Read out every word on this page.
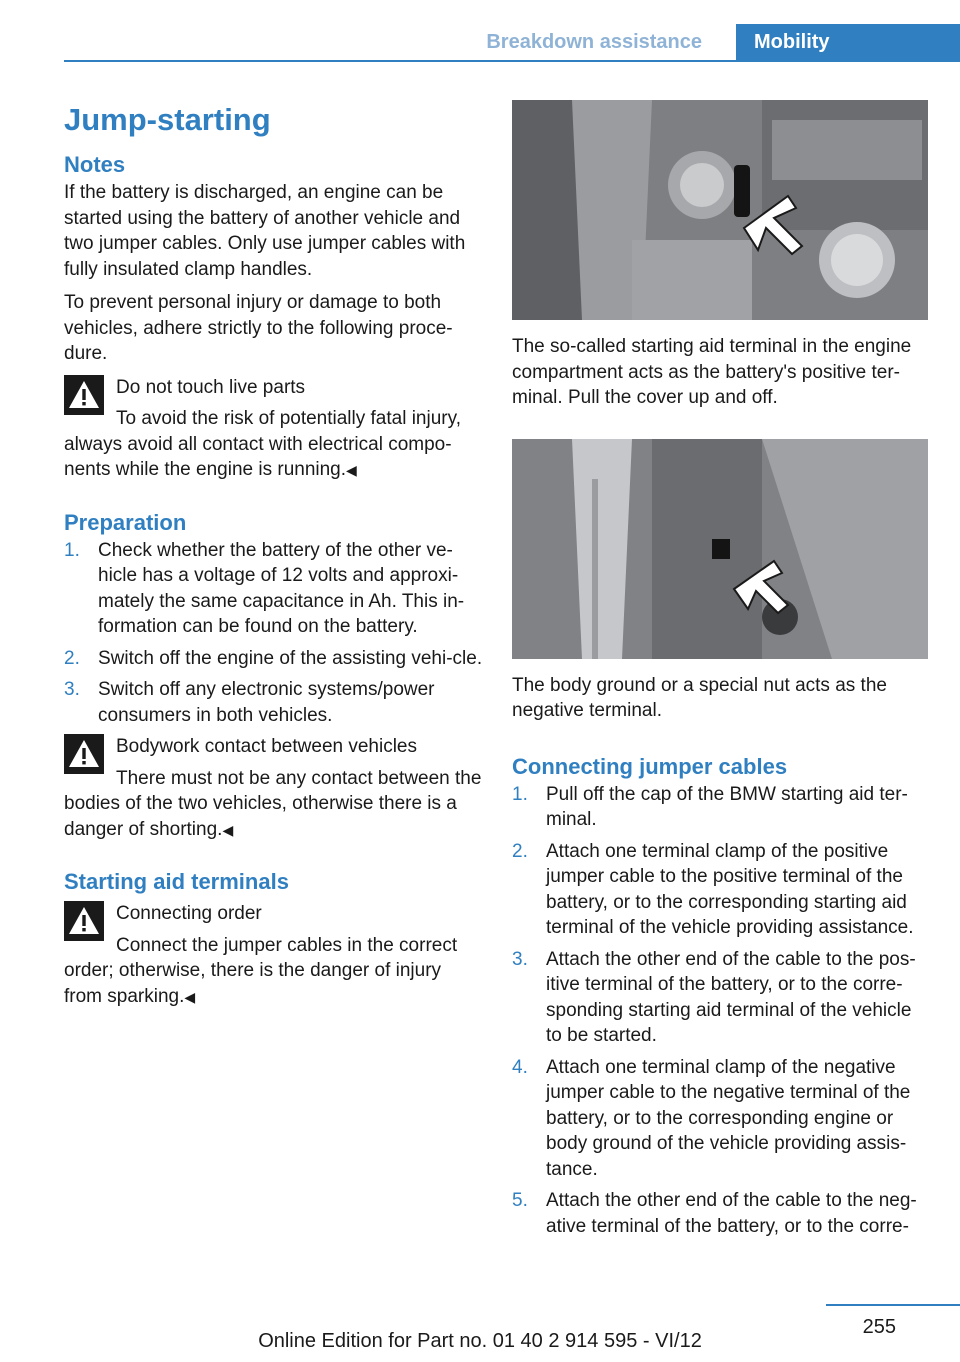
Breakdown assistance	Mobility
Jump-starting
Notes

If the battery is discharged, an engine can be started using the battery of another vehicle and two jumper cables. Only use jumper cables with fully insulated clamp handles.

To prevent personal injury or damage to both vehicles, adhere strictly to the following proce‐dure.

Do not touch live parts
To avoid the risk of potentially fatal injury, always avoid all contact with electrical compo‐nents while the engine is running.◀
Preparation
1. Check whether the battery of the other ve‐hicle has a voltage of 12 volts and approxi‐mately the same capacitance in Ah. This in‐formation can be found on the battery.
2. Switch off the engine of the assisting vehi‐cle.
3. Switch off any electronic systems/power consumers in both vehicles.
Bodywork contact between vehicles
There must not be any contact between the bodies of the two vehicles, otherwise there is a danger of shorting.◀
Starting aid terminals
Connecting order
Connect the jumper cables in the correct order; otherwise, there is the danger of injury from sparking.◀
The so-called starting aid terminal in the engine compartment acts as the battery's positive ter‐minal. Pull the cover up and off.
The body ground or a special nut acts as the negative terminal.
Connecting jumper cables
1. Pull off the cap of the BMW starting aid ter‐minal.
2. Attach one terminal clamp of the positive jumper cable to the positive terminal of the battery, or to the corresponding starting aid terminal of the vehicle providing assistance.
3. Attach the other end of the cable to the pos‐itive terminal of the battery, or to the corre‐sponding starting aid terminal of the vehicle to be started.
4. Attach one terminal clamp of the negative jumper cable to the negative terminal of the battery, or to the corresponding engine or body ground of the vehicle providing assis‐tance.
5. Attach the other end of the cable to the neg‐ative terminal of the battery, or to the corre‐
255
Online Edition for Part no. 01 40 2 914 595 - VI/12
